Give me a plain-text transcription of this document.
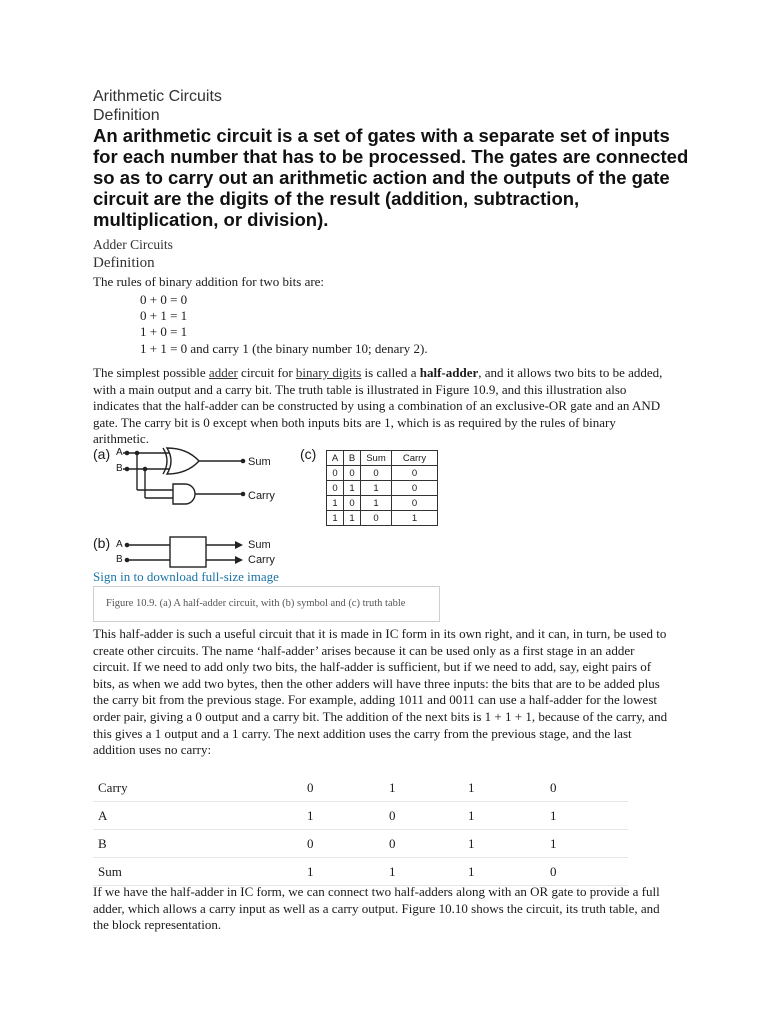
Arithmetic Circuits
Definition
An arithmetic circuit is a set of gates with a separate set of inputs for each number that has to be processed. The gates are connected so as to carry out an arithmetic action and the outputs of the gate circuit are the digits of the result (addition, subtraction, multiplication, or division).
Adder Circuits
Definition
The rules of binary addition for two bits are:
0 + 0 = 0
0 + 1 = 1
1 + 0 = 1
1 + 1 = 0 and carry 1 (the binary number 10; denary 2).
The simplest possible adder circuit for binary digits is called a half-adder, and it allows two bits to be added, with a main output and a carry bit. The truth table is illustrated in Figure 10.9, and this illustration also indicates that the half-adder can be constructed by using a combination of an exclusive-OR gate and an AND gate. The carry bit is 0 except when both inputs bits are 1, which is as required by the rules of binary arithmetic.
(a) A
B
Sum
Carry
(c) A	B	Sum	Carry
0	0	0	0
0	1	1	0
1	0	1	0
1	1	0	1
(b) A
B
Sum
Carry
Sign in to download full-size image
Figure 10.9. (a) A half-adder circuit, with (b) symbol and (c) truth table
This half-adder is such a useful circuit that it is made in IC form in its own right, and it can, in turn, be used to create other circuits. The name ‘half-adder’ arises because it can be used only as a first stage in an adder circuit. If we need to add only two bits, the half-adder is sufficient, but if we need to add, say, eight pairs of bits, as when we add two bytes, then the other adders will have three inputs: the bits that are to be added plus the carry bit from the previous stage. For example, adding 1011 and 0011 can use a half-adder for the lowest order pair, giving a 0 output and a carry bit. The addition of the next bits is 1 + 1 + 1, because of the carry, and this gives a 1 output and a 1 carry. The next addition uses the carry from the previous stage, and the last addition uses no carry:
Carry	0	1	1	0
A	1	0	1	1
B	0	0	1	1
Sum	1	1	1	0
If we have the half-adder in IC form, we can connect two half-adders along with an OR gate to provide a full adder, which allows a carry input as well as a carry output. Figure 10.10 shows the circuit, its truth table, and the block representation.
